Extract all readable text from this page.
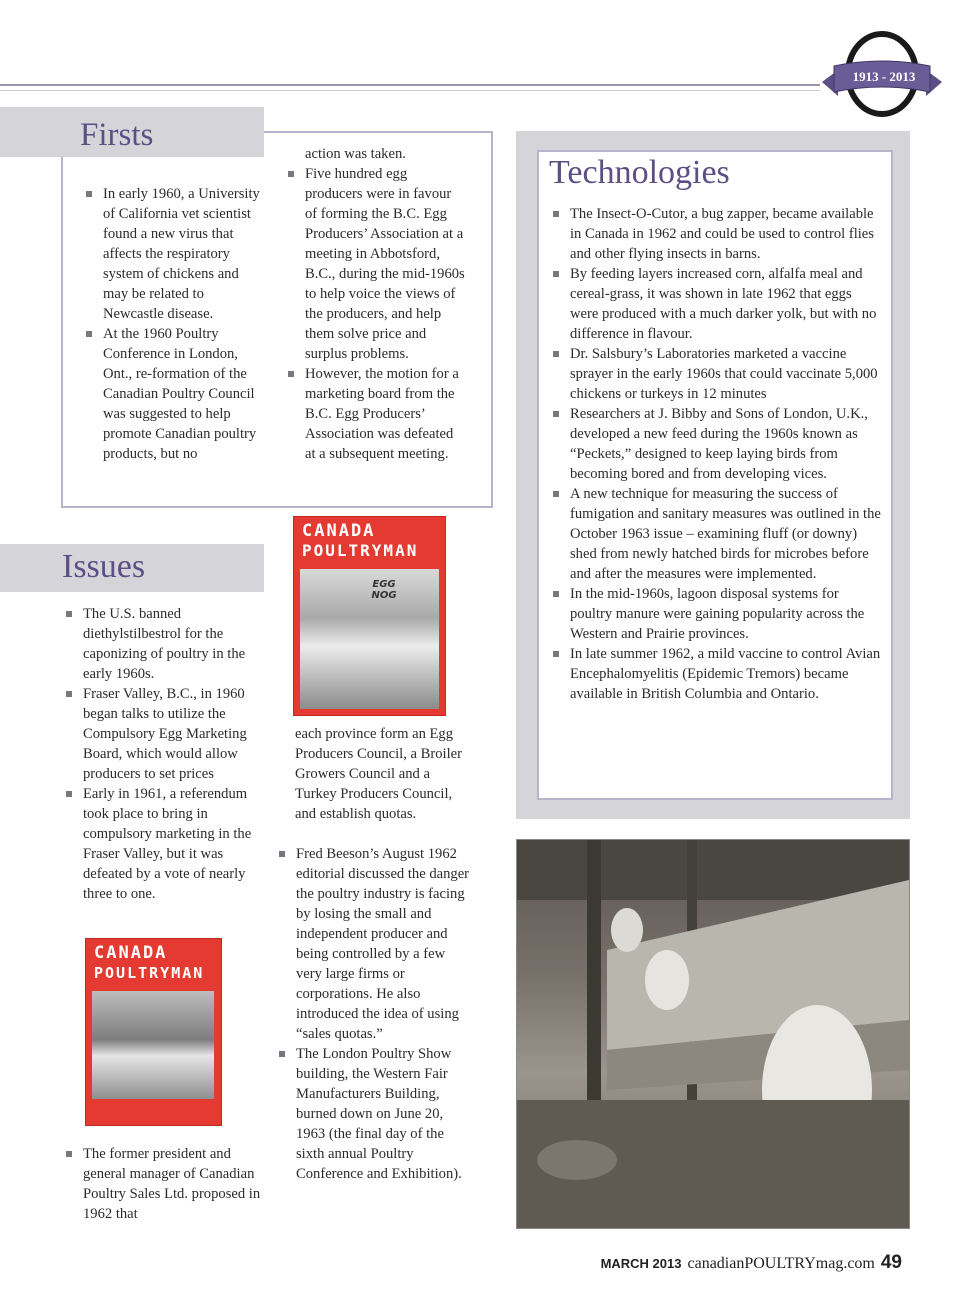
1913 - 2013
Firsts
In early 1960, a University of California vet scientist found a new virus that affects the respiratory system of chickens and may be related to Newcastle disease.
At the 1960 Poultry Conference in London, Ont., re-formation of the Canadian Poultry Council was suggested to help promote Canadian poultry products, but no

action was taken.

Five hundred egg producers were in favour of forming the B.C. Egg Producers’ Association at a meeting in Abbotsford, B.C., during the mid-1960s to help voice the views of the producers, and help them solve price and surplus problems.
However, the motion for a marketing board from the B.C. Egg Producers’ Association was defeated at a subsequent meeting.
Issues
The U.S. banned diethylstilbestrol for the caponizing of poultry in the early 1960s.
Fraser Valley, B.C., in 1960 began talks to utilize the Compulsory Egg Marketing Board, which would allow producers to set prices
Early in 1961, a referendum took place to bring in compulsory marketing in the Fraser Valley, but it was defeated by a vote of nearly three to one.
CANADA
POULTRYMAN
The former president and general manager of Canadian Poultry Sales Ltd. proposed in 1962 that
CANADA
POULTRYMAN
EGG NOG

each province form an Egg Producers Council, a Broiler Growers Council and a Turkey Producers Council, and establish quotas.

Fred Beeson’s August 1962 editorial discussed the danger the poultry industry is facing by losing the small and independent producer and being controlled by a few very large firms or corporations. He also introduced the idea of using “sales quotas.”
The London Poultry Show building, the Western Fair Manufacturers Building, burned down on June 20, 1963 (the final day of the sixth annual Poultry Conference and Exhibition).
Technologies
The Insect-O-Cutor, a bug zapper, became available in Canada in 1962 and could be used to control flies and other flying insects in barns.
By feeding layers increased corn, alfalfa meal and cereal-grass, it was shown in late 1962 that eggs were produced with a much darker yolk, but with no difference in flavour.
Dr. Salsbury’s Laboratories marketed a vaccine sprayer in the early 1960s that could vaccinate 5,000 chickens or turkeys in 12 minutes
Researchers at J. Bibby and Sons of London, U.K., developed a new feed during the 1960s known as “Peckets,” designed to keep laying birds from becoming bored and from developing vices.
A new technique for measuring the success of fumigation and sanitary measures was outlined in the October 1963 issue – examining fluff (or downy) shed from newly hatched birds for microbes before and after the measures were implemented.
In the mid-1960s, lagoon disposal systems for poultry manure were gaining popularity across the Western and Prairie provinces.
In late summer 1962, a mild vaccine to control Avian Encephalomyelitis (Epidemic Tremors) became available in British Columbia and Ontario.
MARCH 2013 canadianPOULTRYmag.com 49
